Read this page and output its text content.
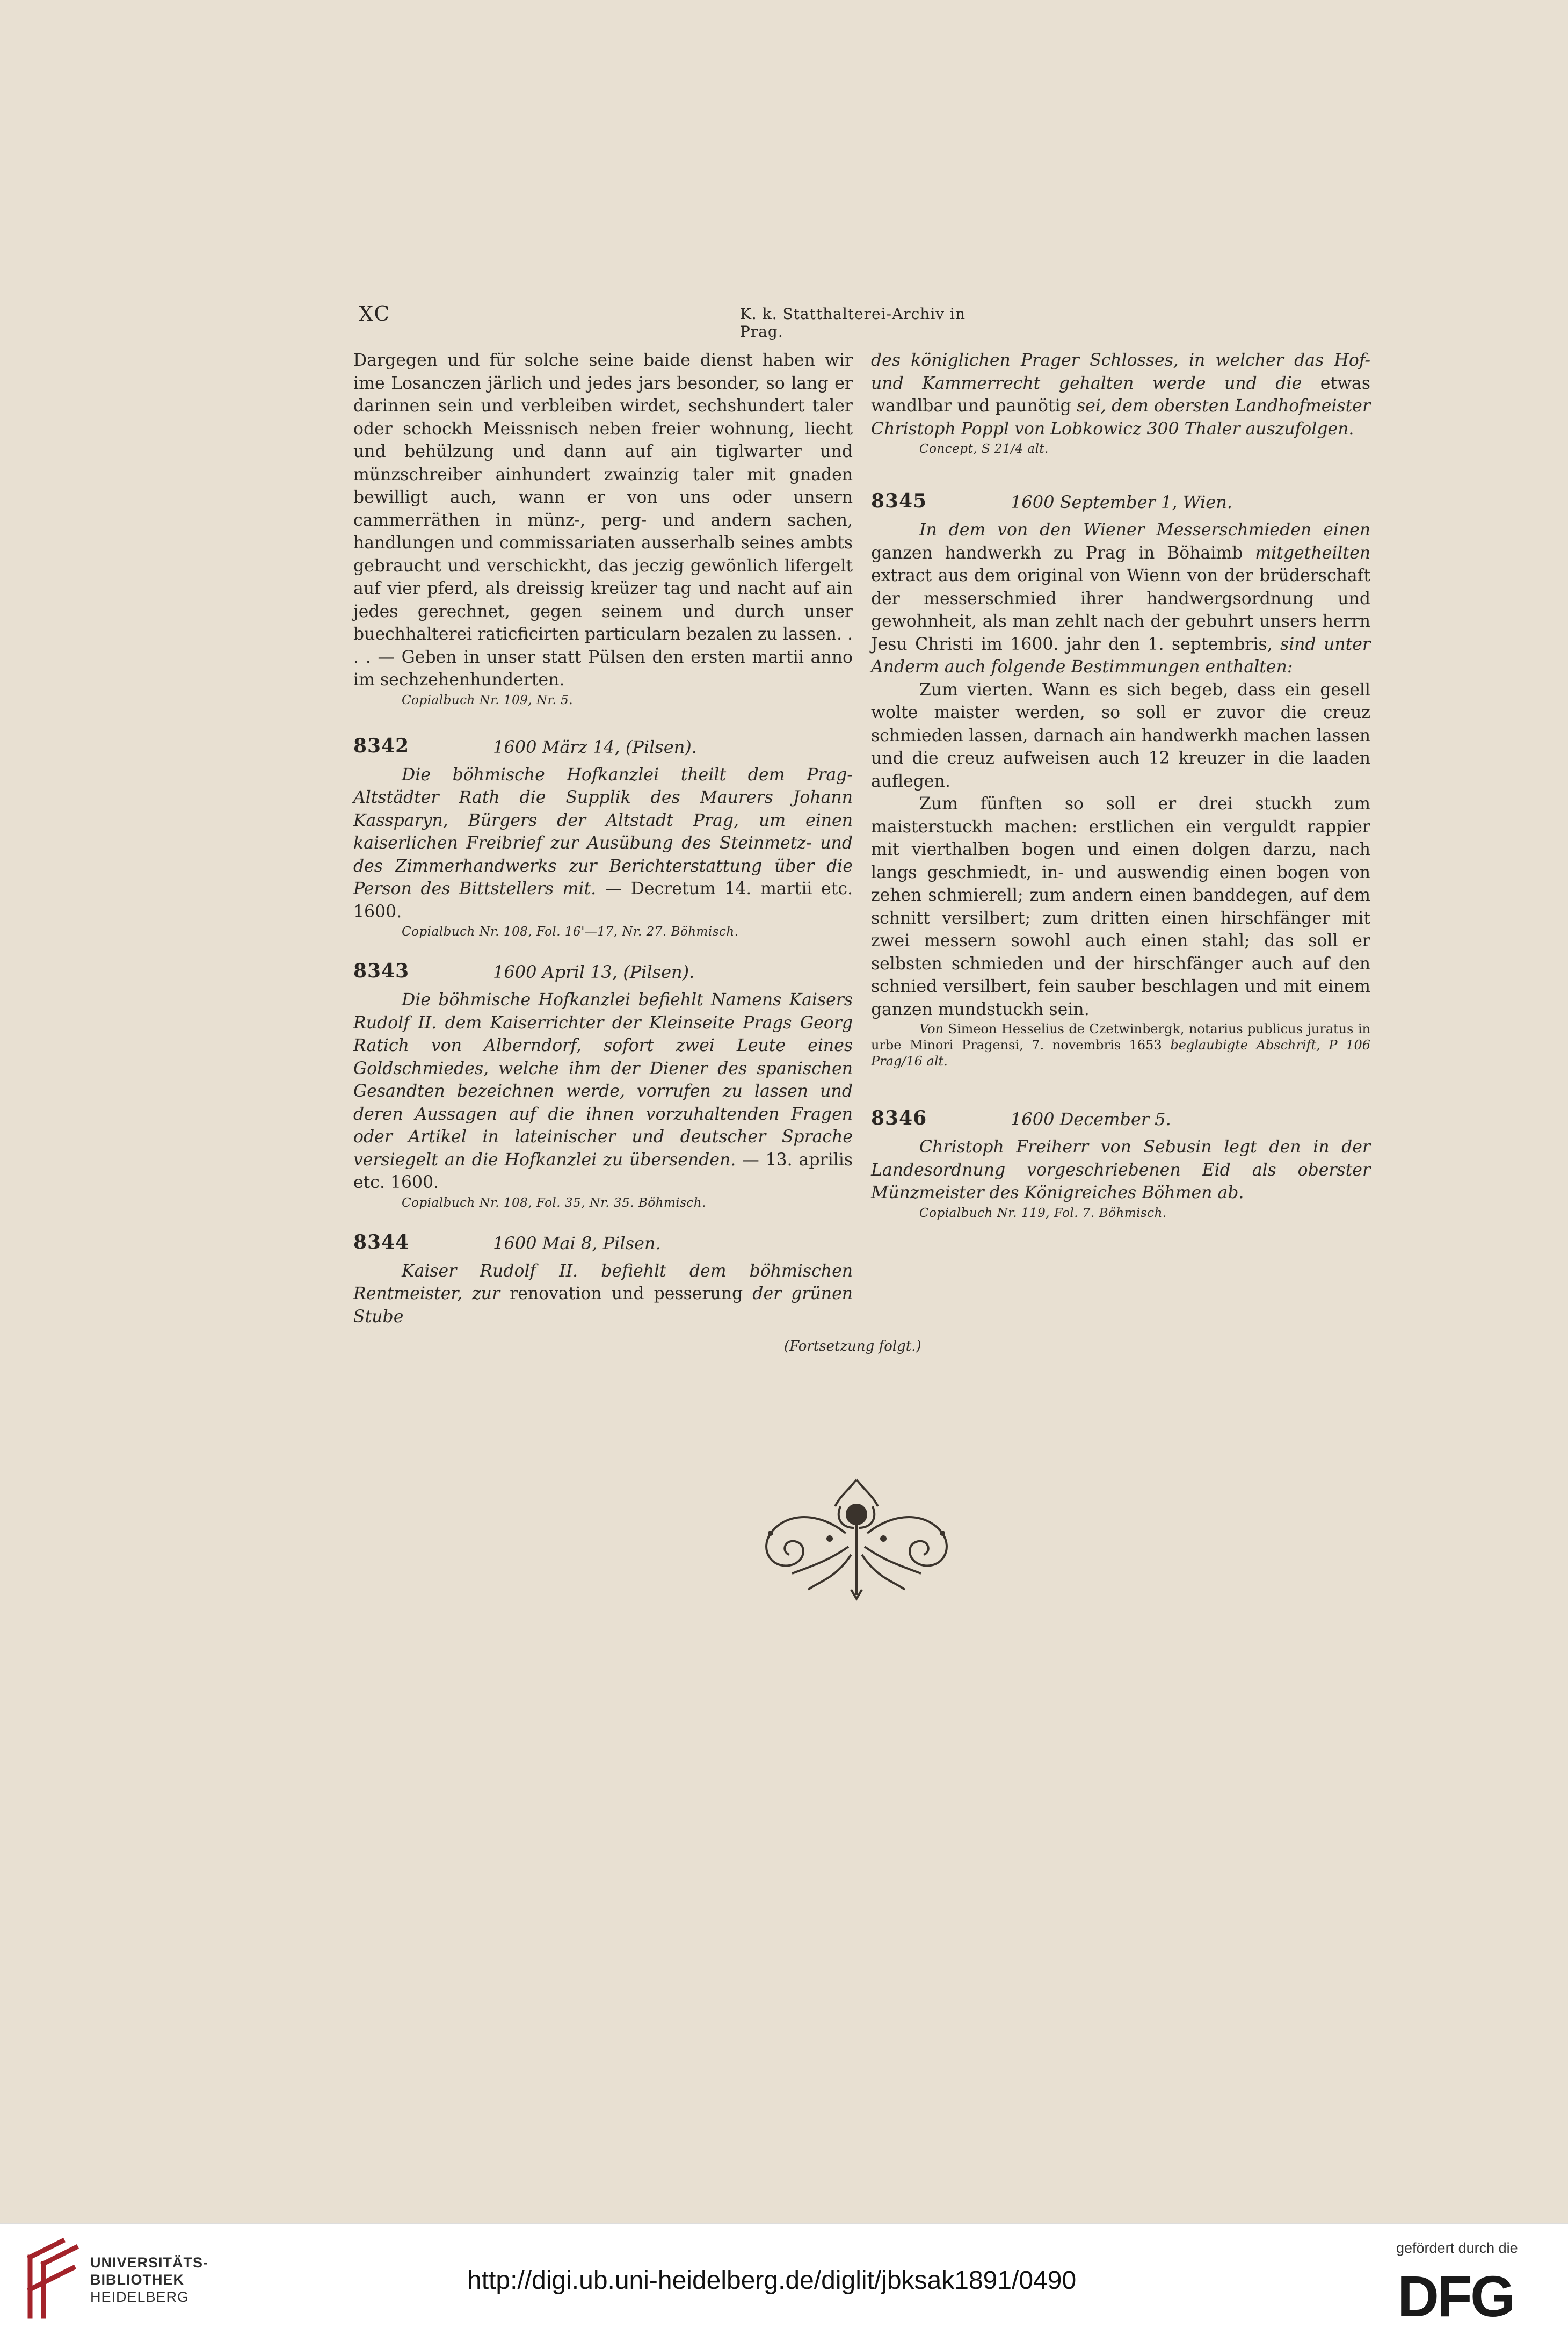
XC	K. k. Statthalterei-Archiv in Prag.

Dargegen und für solche seine baide dienst haben wir ime Losanczen järlich und jedes jars besonder, so lang er darinnen sein und verbleiben wirdet, sechshundert taler oder schockh Meissnisch neben freier wohnung, liecht und behülzung und dann auf ain tiglwarter und münzschreiber ainhundert zwainzig taler mit gnaden bewilligt auch, wann er von uns oder unsern cammerräthen in münz-, perg- und andern sachen, handlungen und commissariaten ausserhalb seines ambts gebraucht und verschickht, das jeczig gewönlich lifergelt auf vier pferd, als dreissig kreüzer tag und nacht auf ain jedes gerechnet, gegen seinem und durch unser buechhalterei raticficirten particularn bezalen zu lassen. . . . — Geben in unser statt Pülsen den ersten martii anno im sechzehenhunderten.

Copialbuch Nr. 109, Nr. 5.

8342	1600 März 14, (Pilsen).

Die böhmische Hofkanzlei theilt dem Prag-Altstädter Rath die Supplik des Maurers Johann Kassparyn, Bürgers der Altstadt Prag, um einen kaiserlichen Freibrief zur Ausübung des Steinmetz- und des Zimmerhandwerks zur Berichterstattung über die Person des Bittstellers mit. — Decretum 14. martii etc. 1600.

Copialbuch Nr. 108, Fol. 16'—17, Nr. 27. Böhmisch.

8343	1600 April 13, (Pilsen).

Die böhmische Hofkanzlei befiehlt Namens Kaisers Rudolf II. dem Kaiserrichter der Kleinseite Prags Georg Ratich von Alberndorf, sofort zwei Leute eines Goldschmiedes, welche ihm der Diener des spanischen Gesandten bezeichnen werde, vorrufen zu lassen und deren Aussagen auf die ihnen vorzuhaltenden Fragen oder Artikel in lateinischer und deutscher Sprache versiegelt an die Hofkanzlei zu übersenden. — 13. aprilis etc. 1600.

Copialbuch Nr. 108, Fol. 35, Nr. 35. Böhmisch.

8344	1600 Mai 8, Pilsen.

Kaiser Rudolf II. befiehlt dem böhmischen Rentmeister, zur renovation und pesserung der grünen Stube

des königlichen Prager Schlosses, in welcher das Hof- und Kammerrecht gehalten werde und die etwas wandlbar und paunötig sei, dem obersten Landhofmeister Christoph Poppl von Lobkowicz 300 Thaler auszufolgen.

Concept, S 21/4 alt.

8345	1600 September 1, Wien.

In dem von den Wiener Messerschmieden einen ganzen handwerkh zu Prag in Böhaimb mitgetheilten extract aus dem original von Wienn von der brüderschaft der messerschmied ihrer handwergsordnung und gewohnheit, als man zehlt nach der gebuhrt unsers herrn Jesu Christi im 1600. jahr den 1. septembris, sind unter Anderm auch folgende Bestimmungen enthalten:

Zum vierten. Wann es sich begeb, dass ein gesell wolte maister werden, so soll er zuvor die creuz schmieden lassen, darnach ain handwerkh machen lassen und die creuz aufweisen auch 12 kreuzer in die laaden auflegen.

Zum fünften so soll er drei stuckh zum maisterstuckh machen: erstlichen ein verguldt rappier mit vierthalben bogen und einen dolgen darzu, nach langs geschmiedt, in- und auswendig einen bogen von zehen schmierell; zum andern einen banddegen, auf dem schnitt versilbert; zum dritten einen hirschfänger mit zwei messern sowohl auch einen stahl; das soll er selbsten schmieden und der hirschfänger auch auf den schnied versilbert, fein sauber beschlagen und mit einem ganzen mundstuckh sein.

Von Simeon Hesselius de Czetwinbergk, notarius publicus juratus in urbe Minori Pragensi, 7. novembris 1653 beglaubigte Abschrift, P 106 Prag/16 alt.

8346	1600 December 5.

Christoph Freiherr von Sebusin legt den in der Landesordnung vorgeschriebenen Eid als oberster Münzmeister des Königreiches Böhmen ab.

Copialbuch Nr. 119, Fol. 7. Böhmisch.

(Fortsetzung folgt.)
UNIVERSITÄTS-
BIBLIOTHEK
HEIDELBERG
http://digi.ub.uni-heidelberg.de/diglit/jbksak1891/0490
gefördert durch die
DFG
